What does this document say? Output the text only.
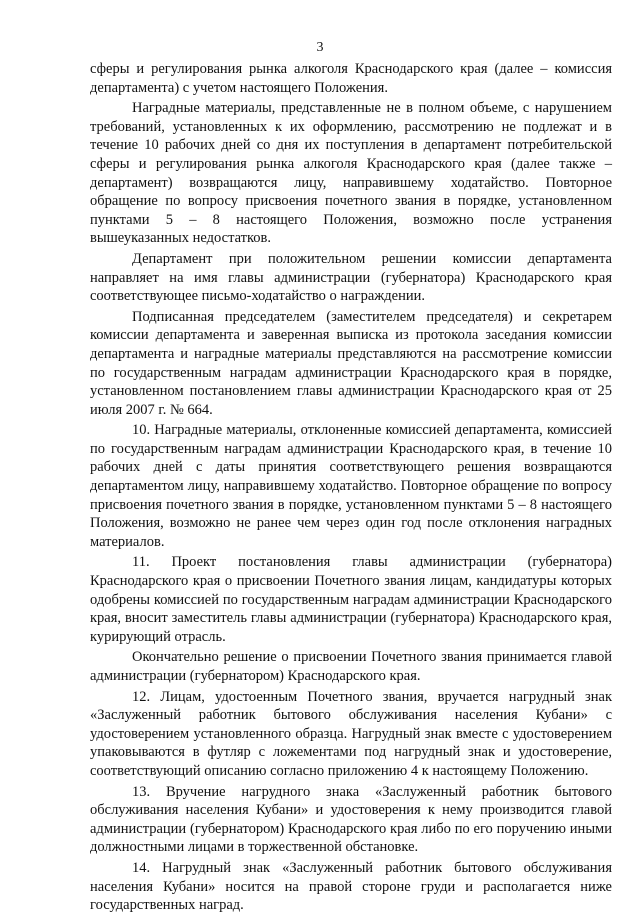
3

сферы и регулирования рынка алкоголя Краснодарского края (далее – комиссия департамента) с учетом настоящего Положения.

Наградные материалы, представленные не в полном объеме, с нарушением требований, установленных к их оформлению, рассмотрению не подлежат и в течение 10 рабочих дней со дня их поступления в департамент потребительской сферы и регулирования рынка алкоголя Краснодарского края (далее также – департамент) возвращаются лицу, направившему ходатайство. Повторное обращение по вопросу присвоения почетного звания в порядке, установленном пунктами 5 – 8 настоящего Положения, возможно после устранения вышеуказанных недостатков.

Департамент при положительном решении комиссии департамента направляет на имя главы администрации (губернатора) Краснодарского края соответствующее письмо-ходатайство о награждении.

Подписанная председателем (заместителем председателя) и секретарем комиссии департамента и заверенная выписка из протокола заседания комиссии департамента и наградные материалы представляются на рассмотрение комиссии по государственным наградам администрации Краснодарского края в порядке, установленном постановлением главы администрации Краснодарского края от 25 июля 2007 г. № 664.

10. Наградные материалы, отклоненные комиссией департамента, комиссией по государственным наградам администрации Краснодарского края, в течение 10 рабочих дней с даты принятия соответствующего решения возвращаются департаментом лицу, направившему ходатайство. Повторное обращение по вопросу присвоения почетного звания в порядке, установленном пунктами 5 – 8 настоящего Положения, возможно не ранее чем через один год после отклонения наградных материалов.

11. Проект постановления главы администрации (губернатора) Краснодарского края о присвоении Почетного звания лицам, кандидатуры которых одобрены комиссией по государственным наградам администрации Краснодарского края, вносит заместитель главы администрации (губернатора) Краснодарского края, курирующий отрасль.

Окончательно решение о присвоении Почетного звания принимается главой администрации (губернатором) Краснодарского края.

12. Лицам, удостоенным Почетного звания, вручается нагрудный знак «Заслуженный работник бытового обслуживания населения Кубани» с удостоверением установленного образца. Нагрудный знак вместе с удостоверением упаковываются в футляр с ложементами под нагрудный знак и удостоверение, соответствующий описанию согласно приложению 4 к настоящему Положению.

13. Вручение нагрудного знака «Заслуженный работник бытового обслуживания населения Кубани» и удостоверения к нему производится главой администрации (губернатором) Краснодарского края либо по его поручению иными должностными лицами в торжественной обстановке.

14. Нагрудный знак «Заслуженный работник бытового обслуживания населения Кубани» носится на правой стороне груди и располагается ниже государственных наград.
